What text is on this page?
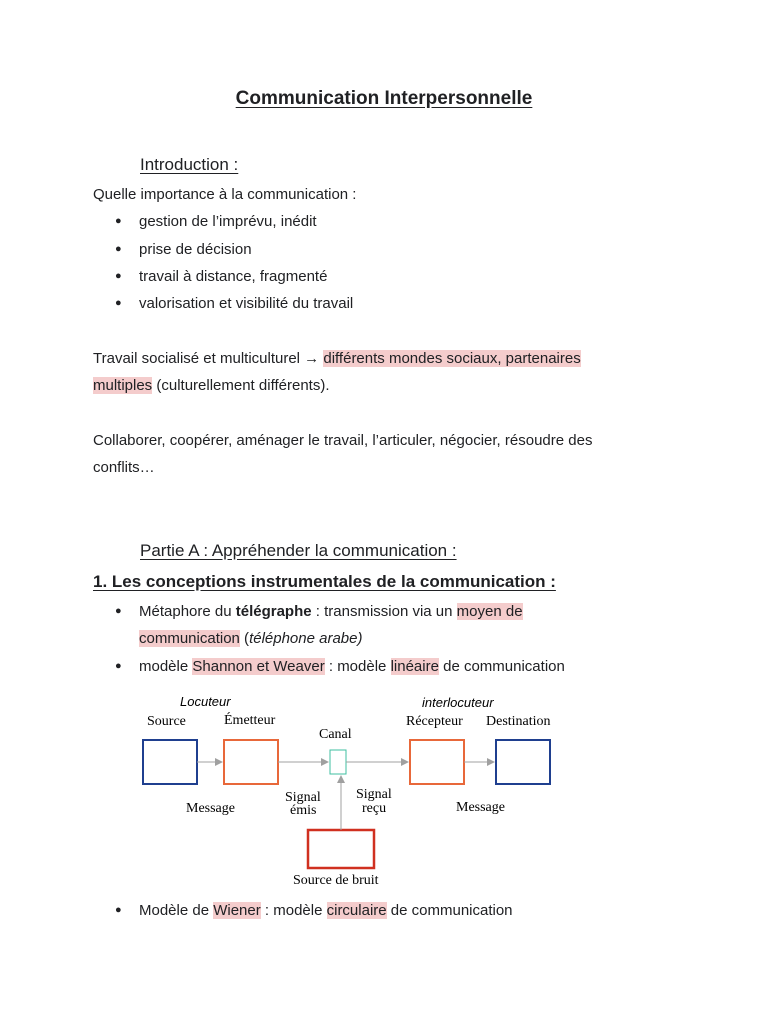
Communication Interpersonnelle
Introduction :
Quelle importance à la communication :
● gestion de l’imprévu, inédit
● prise de décision
● travail à distance, fragmenté
● valorisation et visibilité du travail
Travail socialisé et multiculturel → différents mondes sociaux, partenaires
multiples (culturellement différents).
Collaborer, coopérer, aménager le travail, l’articuler, négocier, résoudre des
conflits…
Partie A : Appréhender la communication :
1. Les conceptions instrumentales de la communication :
● Métaphore du télégraphe : transmission via un moyen de
communication (téléphone arabe)
● modèle Shannon et Weaver : modèle linéaire de communication
Locuteur	interlocuteur
Source	Émetteur
Canal
Récepteur Destination
Message
Signal
émis
Signal
reçu	Message
Source de bruit
● Modèle de Wiener : modèle circulaire de communication
